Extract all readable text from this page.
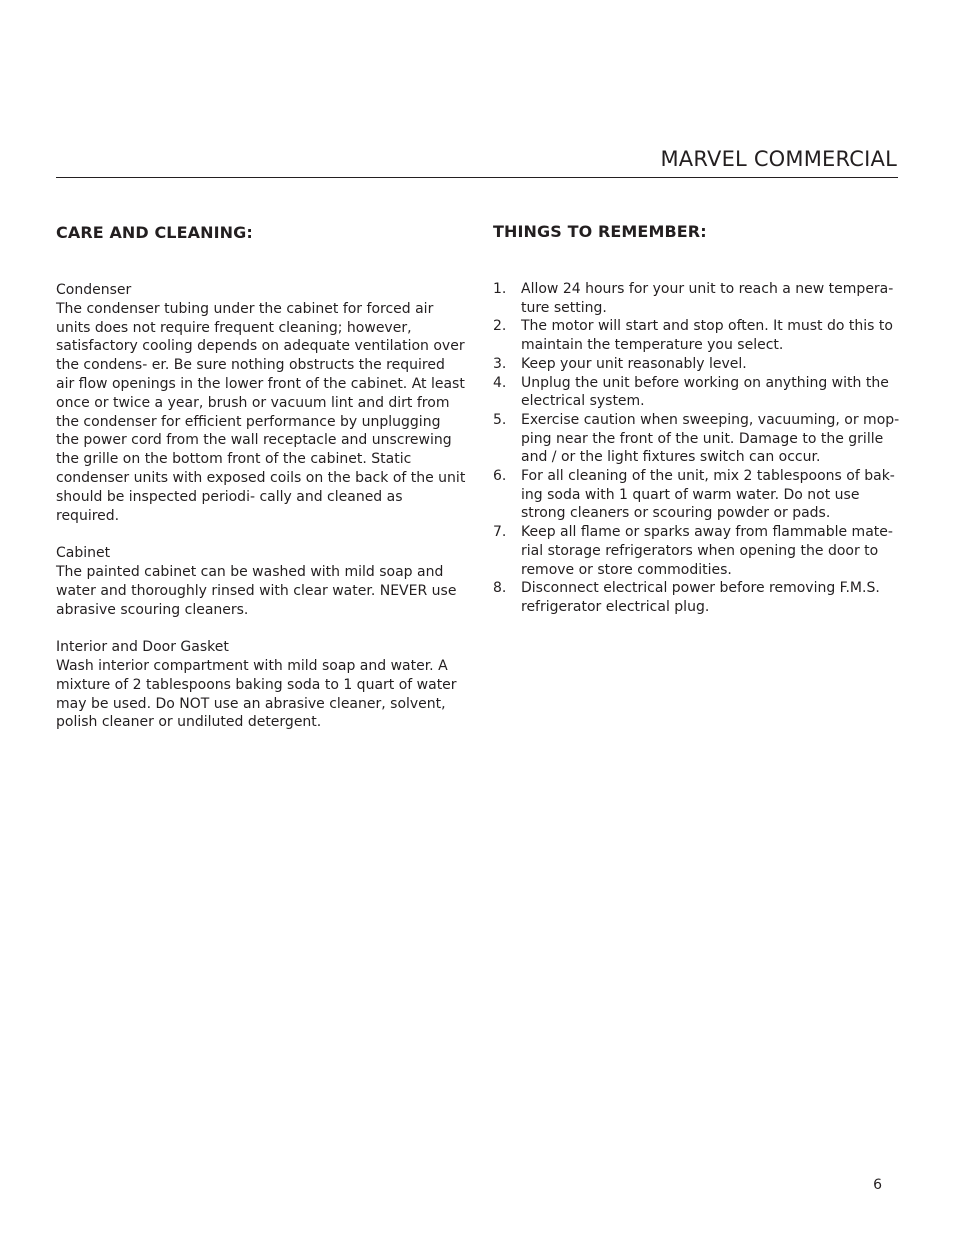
MARVEL COMMERCIAL
CARE AND CLEANING:
Condenser
The condenser tubing under the cabinet for forced air units does not require frequent cleaning; however, satisfactory cooling depends on adequate ventilation over the condens- er. Be sure nothing obstructs the required air flow openings in the lower front of the cabinet. At least once or twice a year, brush or vacuum lint and dirt from the condenser for efficient performance by unplugging the power cord from the wall receptacle and unscrewing the grille on the bottom front of the cabinet. Static condenser units with exposed coils on the back of the unit should be inspected periodi- cally and cleaned as required.
Cabinet
The painted cabinet can be washed with mild soap and water and thoroughly rinsed with clear water. NEVER use abrasive scouring cleaners.
Interior and Door Gasket
Wash interior compartment with mild soap and water. A mixture of 2 tablespoons baking soda to 1 quart of water may be used. Do NOT use an abrasive cleaner, solvent, polish cleaner or undiluted detergent.
THINGS TO REMEMBER:
1. Allow 24 hours for your unit to reach a new tempera- ture setting.
2. The motor will start and stop often. It must do this to maintain the temperature you select.
3. Keep your unit reasonably level.
4. Unplug the unit before working on anything with the electrical system.
5. Exercise caution when sweeping, vacuuming, or mop- ping near the front of the unit. Damage to the grille and / or the light fixtures switch can occur.
6. For all cleaning of the unit, mix 2 tablespoons of bak- ing soda with 1 quart of warm water. Do not use strong cleaners or scouring powder or pads.
7. Keep all flame or sparks away from flammable mate- rial storage refrigerators when opening the door to remove or store commodities.
8. Disconnect electrical power before removing F.M.S. refrigerator electrical plug.
6
